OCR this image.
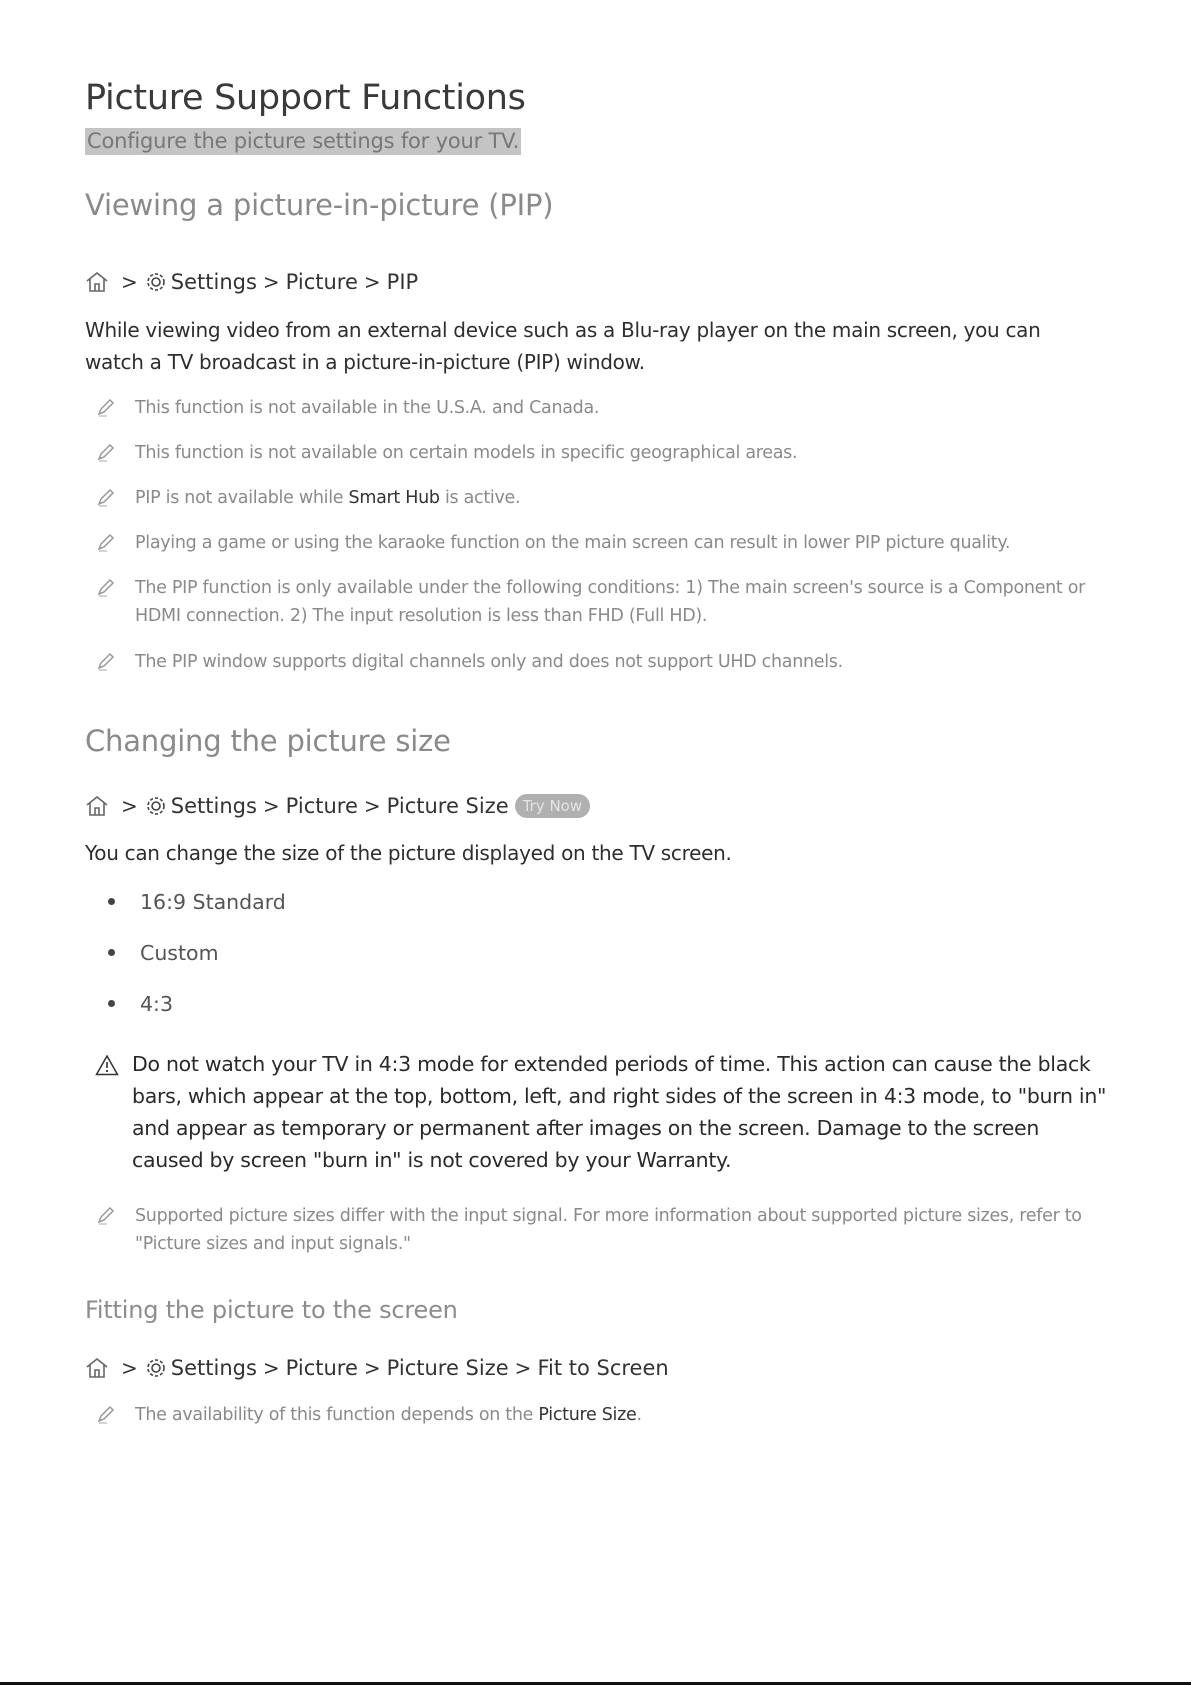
Picture Support Functions
Configure the picture settings for your TV.
Viewing a picture-in-picture (PIP)
> Settings > Picture > PIP

While viewing video from an external device such as a Blu-ray player on the main screen, you can watch a TV broadcast in a picture-in-picture (PIP) window.

This function is not available in the U.S.A. and Canada.
This function is not available on certain models in specific geographical areas.
PIP is not available while Smart Hub is active.
Playing a game or using the karaoke function on the main screen can result in lower PIP picture quality.
The PIP function is only available under the following conditions: 1) The main screen's source is a Component or HDMI connection. 2) The input resolution is less than FHD (Full HD).
The PIP window supports digital channels only and does not support UHD channels.
Changing the picture size
> Settings > Picture > Picture Size Try Now

You can change the size of the picture displayed on the TV screen.

16:9 Standard
Custom
4:3
Do not watch your TV in 4:3 mode for extended periods of time. This action can cause the black bars, which appear at the top, bottom, left, and right sides of the screen in 4:3 mode, to "burn in" and appear as temporary or permanent after images on the screen. Damage to the screen caused by screen "burn in" is not covered by your Warranty.
Supported picture sizes differ with the input signal. For more information about supported picture sizes, refer to "Picture sizes and input signals."
Fitting the picture to the screen
> Settings > Picture > Picture Size > Fit to Screen
The availability of this function depends on the Picture Size.
